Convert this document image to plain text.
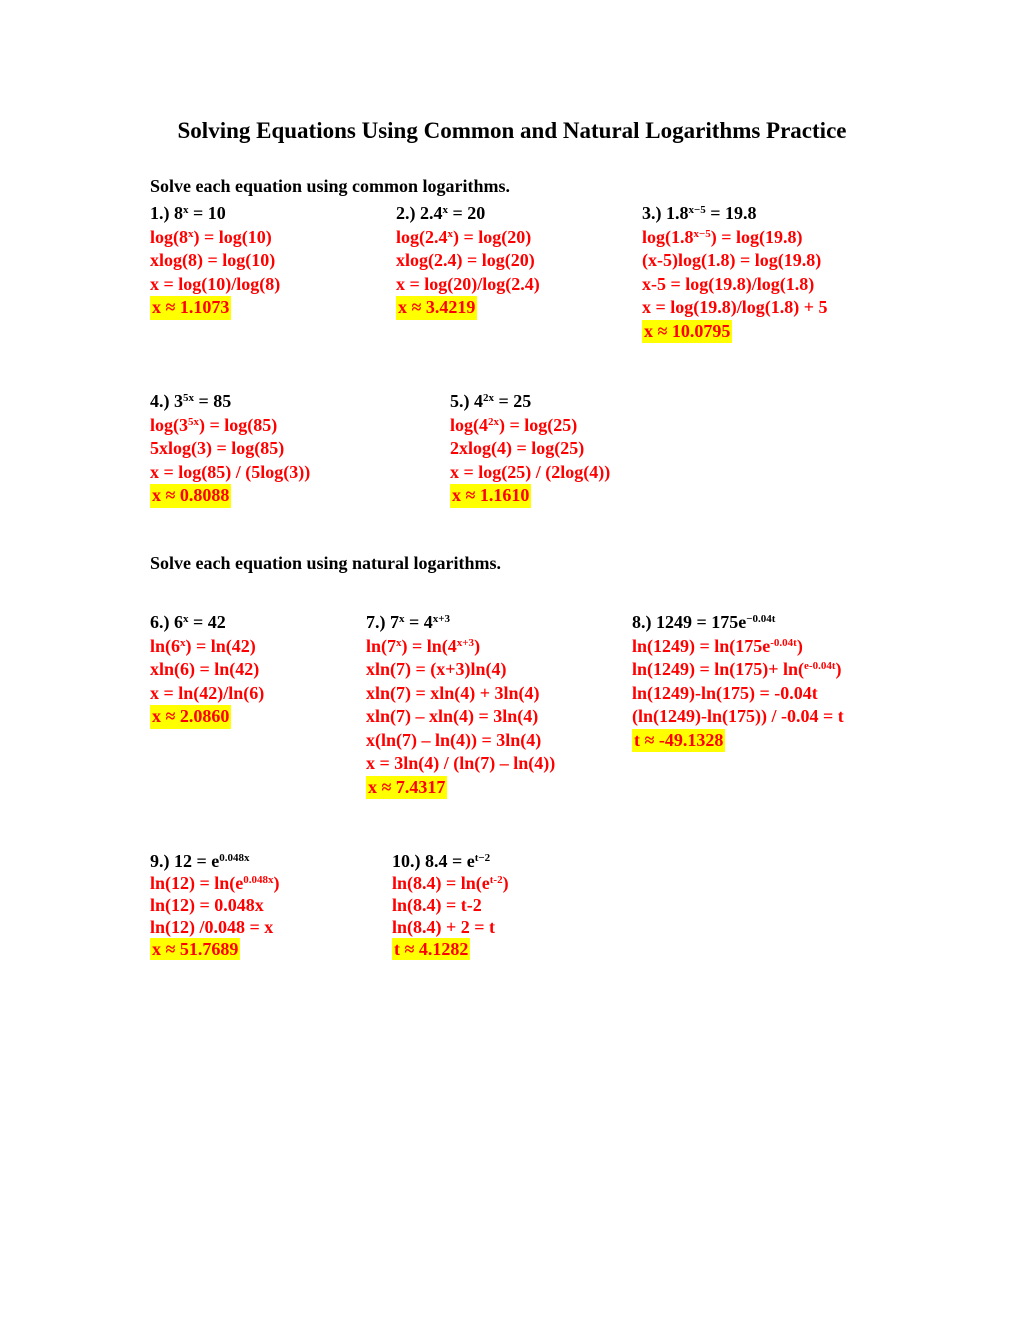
Solving Equations Using Common and Natural Logarithms Practice
Solve each equation using common logarithms.
Solve each equation using natural logarithms.
1.) $8^x = 10$
$\log(8^x) = \log(10)$
xlog(8) = log(10)
x = log(10)/log(8)
x ≈ 1.1073
2.) $2.4^x = 20$
$\log(2.4^x) = \log(20)$
xlog(2.4) = log(20)
x = log(20)/log(2.4)
x ≈ 3.4219
3.) $1.8^{x-5} = 19.8$
$\log(1.8^{x-5}) = \log(19.8)$
(x-5)log(1.8) = log(19.8)
x-5 = log(19.8)/log(1.8)
x = log(19.8)/log(1.8) + 5
x ≈ 10.0795
4.) $3^{5x} = 85$
$\log(3^{5x}) = \log(85)$
5xlog(3) = log(85)
x = log(85) / (5log(3))
x ≈ 0.8088
5.) $4^{2x} = 25$
$\log(4^{2x}) = \log(25)$
2xlog(4) = log(25)
x = log(25) / (2log(4))
x ≈ 1.1610
6.) $6^x = 42$
$\ln(6^x) = \ln(42)$
xln(6) = ln(42)
x = ln(42)/ln(6)
x ≈ 2.0860
7.) $7^x = 4^{x+3}$
$\ln(7^x) = \ln(4^{x+3})$
xln(7) = (x+3)ln(4)
xln(7) = xln(4) + 3ln(4)
xln(7) – xln(4) = 3ln(4)
x(ln(7) – ln(4)) = 3ln(4)
x = 3ln(4) / (ln(7) – ln(4))
x ≈ 7.4317
8.) $1249 = 175e^{-0.04t}$
$\ln(1249) = \ln(175e^{-0.04t})$
ln(1249) = ln(175)+ ln($^{e-0.04t}$)
ln(1249)-ln(175) = -0.04t
(ln(1249)-ln(175)) / -0.04 = t
t ≈ -49.1328
9.) $12 = e^{0.048x}$
$\ln(12) = \ln(e^{0.048x})$
ln(12) = 0.048x
ln(12) /0.048 = x
x ≈ 51.7689
10.) $8.4 = e^{t-2}$
$\ln(8.4) = \ln(e^{t-2})$
ln(8.4) = t-2
ln(8.4) + 2 = t
t ≈ 4.1282
